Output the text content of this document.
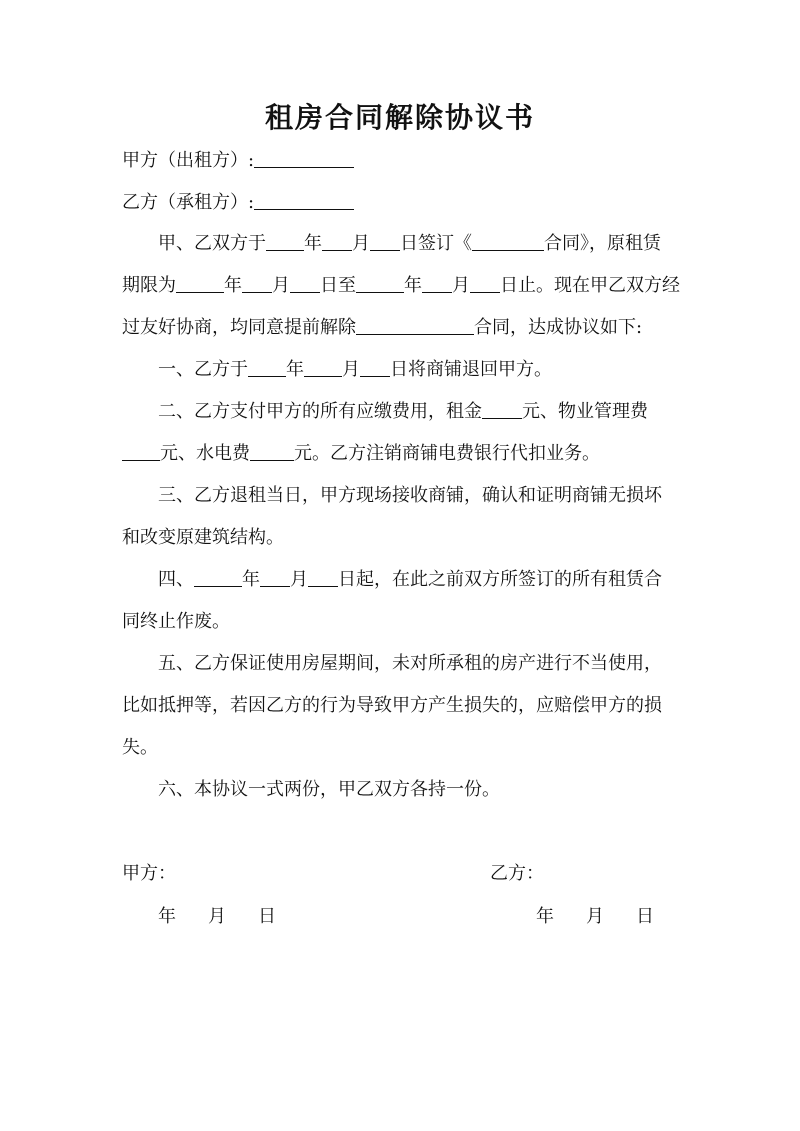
租房合同解除协议书
甲方（出租方）:
乙方（承租方）:
甲、乙双方于 年 月 日签订《	合同》，原租赁
期限为	年 月 日至	年 月 日止。现在甲乙双方经
过友好协商，均同意提前解除	合同，达成协议如下:
一、乙方于 年 月 日将商铺退回甲方。
二、乙方支付甲方的所有应缴费用，租金 元、物业管理费
元、水电费 元。乙方注销商铺电费银行代扣业务。
三、乙方退租当日，甲方现场接收商铺，确认和证明商铺无损坏
和改变原建筑结构。
四、	年 月 日起，在此之前双方所签订的所有租赁合
同终止作废。
五、乙方保证使用房屋期间，未对所承租的房产进行不当使用，
比如抵押等，若因乙方的行为导致甲方产生损失的，应赔偿甲方的损
失。
六、本协议一式两份，甲乙双方各持一份。
甲方：	乙方：
年 月 日	年 月 日
